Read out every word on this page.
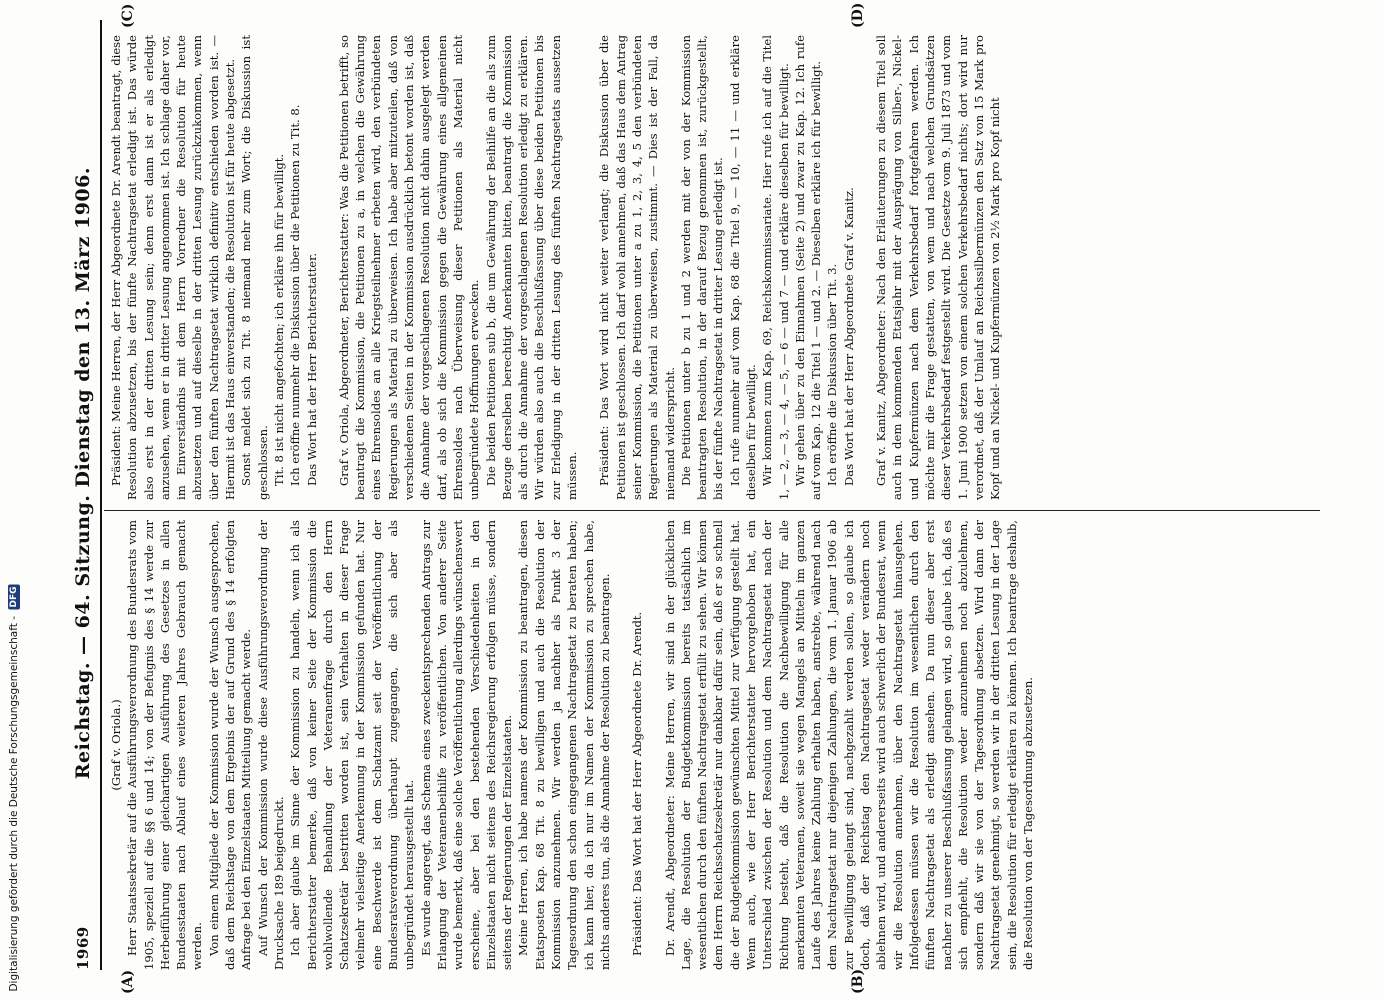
1969
Reichstag. — 64. Sitzung. Dienstag den 13. März 1906.
(A)	(B)
(C)	(D)

(Graf v. Oriola.) Herr Staatssekretär auf die Ausführungsverordnung des Bundesrats vom 1905, speziell auf die §§ 6 und 14; von der Befugnis des § 14 werde zur Herbeiführung einer gleichartigen Ausführung des Gesetzes in allen Bundesstaaten nach Ablauf eines weiteren Jahres Gebrauch gemacht werden. Von einem Mitgliede der Kommission wurde der Wunsch ausgesprochen, daß dem Reichstage von dem Ergebnis der auf Grund des § 14 erfolgten Anfrage bei den Einzelstaaten Mitteilung gemacht werde. Auf Wunsch der Kommission wurde diese Ausführungsverordnung der Drucksache 189 beigedruckt. Ich aber glaube im Sinne der Kommission zu handeln, wenn ich als Berichterstatter bemerke, daß von keiner Seite der Kommission die wohlwollende Behandlung der Veteranenfrage durch den Herrn Schatzsekretär bestritten worden ist, sein Verhalten in dieser Frage vielmehr vielseitige Anerkennung in der Kommission gefunden hat. Nur eine Beschwerde ist dem Schatzamt seit der Veröffentlichung der Bundesratsverordnung überhaupt zugegangen, die sich aber als unbegründet herausgestellt hat. Es wurde angeregt, das Schema eines zweckentsprechenden Antrags zur Erlangung der Veteranenbeihilfe zu veröffentlichen. Von anderer Seite wurde bemerkt, daß eine solche Veröffentlichung allerdings wünschenswert erscheine, aber bei den bestehenden Verschiedenheiten in den Einzelstaaten nicht seitens des Reichsregierung erfolgen müsse, sondern seitens der Regierungen der Einzelstaaten. Meine Herren, ich habe namens der Kommission zu beantragen, diesen Etatsposten Kap. 68 Tit. 8 zu bewilligen und auch die Resolution der Kommission anzunehmen. Wir werden ja nachher als Punkt 3 der Tagesordnung den schon eingegangenen Nachtragsetat zu beraten haben; ich kann hier, da ich nur im Namen der Kommission zu sprechen habe, nichts anderes tun, als die Annahme der Resolution zu beantragen. Präsident: Das Wort hat der Herr Abgeordnete Dr. Arendt. Dr. Arendt, Abgeordneter: Meine Herren, wir sind in der glücklichen Lage, die Resolution der Budgetkommission bereits tatsächlich im wesentlichen durch den fünften Nachtragsetat erfüllt zu sehen. Wir können dem Herrn Reichsschatzsekretär nur dankbar dafür sein, daß er so schnell die der Budgetkommission gewünschten Mittel zur Verfügung gestellt hat. Wenn auch, wie der Herr Berichterstatter hervorgehoben hat, ein Unterschied zwischen der Resolution und dem Nachtragsetat nach der Richtung besteht, daß die Resolution die Nachbewilligung für alle anerkannten Veteranen, soweit sie wegen Mangels an Mitteln im ganzen Laufe des Jahres keine Zahlung erhalten haben, anstrebte, während nach dem Nachtragsetat nur diejenigen Zahlungen, die vom 1. Januar 1906 ab zur Bewilligung gelangt sind, nachgezahlt werden sollen, so glaube ich doch, daß der Reichstag den Nachtragsetat weder verändern noch ablehnen wird, und andererseits wird auch schwerlich der Bundesrat, wenn wir die Resolution annehmen, über den Nachtragsetat hinausgehen. Infolgedessen müssen wir die Resolution im wesentlichen durch den fünften Nachtragsetat als erledigt ansehen. Da nun dieser aber erst nachher zu unserer Beschlußfassung gelangen wird, so glaube ich, daß es sich empfiehlt, die Resolution weder anzunehmen noch abzulehnen, sondern daß wir sie von der Tagesordnung absetzen. Wird dann der Nachtragsetat genehmigt, so werden wir in der dritten Lesung in der Lage sein, die Resolution für erledigt erklären zu können. Ich beantrage deshalb, die Resolution von der Tagesordnung abzusetzen.

Präsident: Meine Herren, der Herr Abgeordnete Dr. Arendt beantragt, diese Resolution abzusetzen, bis der fünfte Nachtragsetat erledigt ist. Das würde also erst in der dritten Lesung sein; denn erst dann ist er als erledigt anzusehen, wenn er in dritter Lesung angenommen ist. Ich schlage daher vor, im Einverständnis mit dem Herrn Vorredner die Resolution für heute abzusetzen und auf dieselbe in der dritten Lesung zurückzukommen, wenn über den fünften Nachtragsetat wirklich definitiv entschieden worden ist. — Hiermit ist das Haus einverstanden; die Resolution ist für heute abgesetzt. Sonst meldet sich zu Tit. 8 niemand mehr zum Wort; die Diskussion ist geschlossen. Tit. 8 ist nicht angefochten; ich erkläre ihn für bewilligt. Ich eröffne nunmehr die Diskussion über die Petitionen zu Tit. 8. Das Wort hat der Herr Berichterstatter. Graf v. Oriola, Abgeordneter, Berichterstatter: Was die Petitionen betrifft, so beantragt die Kommission, die Petitionen zu a, in welchen die Gewährung eines Ehrensoldes an alle Kriegsteilnehmer erbeten wird, den verbündeten Regierungen als Material zu überweisen. Ich habe aber mitzuteilen, daß von verschiedenen Seiten in der Kommission ausdrücklich betont worden ist, daß die Annahme der vorgeschlagenen Resolution nicht dahin ausgelegt werden darf, als ob sich die Kommission gegen die Gewährung eines allgemeinen Ehrensoldes nach Überweisung dieser Petitionen als Material nicht unbegründete Hoffnungen erwecken. Die beiden Petitionen sub b, die um Gewährung der Beihilfe an die als zum Bezuge derselben berechtigt Anerkannten bitten, beantragt die Kommission als durch die Annahme der vorgeschlagenen Resolution erledigt zu erklären. Wir würden also auch die Beschlußfassung über diese beiden Petitionen bis zur Erledigung in der dritten Lesung des fünften Nachtragsetats aussetzen müssen. Präsident: Das Wort wird nicht weiter verlangt; die Diskussion über die Petitionen ist geschlossen. Ich darf wohl annehmen, daß das Haus dem Antrag seiner Kommission, die Petitionen unter a zu 1, 2, 3, 4, 5 den verbündeten Regierungen als Material zu überweisen, zustimmt. — Dies ist der Fall, da niemand widerspricht. Die Petitionen unter b zu 1 und 2 werden mit der von der Kommission beantragten Resolution, in der darauf Bezug genommen ist, zurückgestellt, bis der fünfte Nachtragsetat in dritter Lesung erledigt ist. Ich rufe nunmehr auf vom Kap. 68 die Titel 9, — 10, — 11 — und erkläre dieselben für bewilligt. Wir kommen zum Kap. 69, Reichskommissariate. Hier rufe ich auf die Titel 1, — 2, — 3, — 4, — 5, — 6 — und 7 — und erkläre dieselben für bewilligt. Wir gehen über zu den Einnahmen (Seite 2) und zwar zu Kap. 12. Ich rufe auf vom Kap. 12 die Titel 1 — und 2. — Dieselben erkläre ich für bewilligt. Ich eröffne die Diskussion über Tit. 3. Das Wort hat der Herr Abgeordnete Graf v. Kanitz. Graf v. Kanitz, Abgeordneter: Nach den Erläuterungen zu diesem Titel soll auch in dem kommenden Etatsjahr mit der Ausprägung von Silber-, Nickel- und Kupfermünzen nach dem Verkehrsbedarf fortgefahren werden. Ich möchte mir die Frage gestatten, von wem und nach welchen Grundsätzen dieser Verkehrsbedarf festgestellt wird. Die Gesetze vom 9. Juli 1873 und vom 1. Juni 1900 setzen von einem solchen Verkehrsbedarf nichts; dort wird nur verordnet, daß der Umlauf an Reichssilbermünzen den Satz von 15 Mark pro Kopf und an Nickel- und Kupfermünzen von 2½ Mark pro Kopf nicht

Digitalisierung gefördert durch die Deutsche Forschungsgemeinschaft -
DFG
